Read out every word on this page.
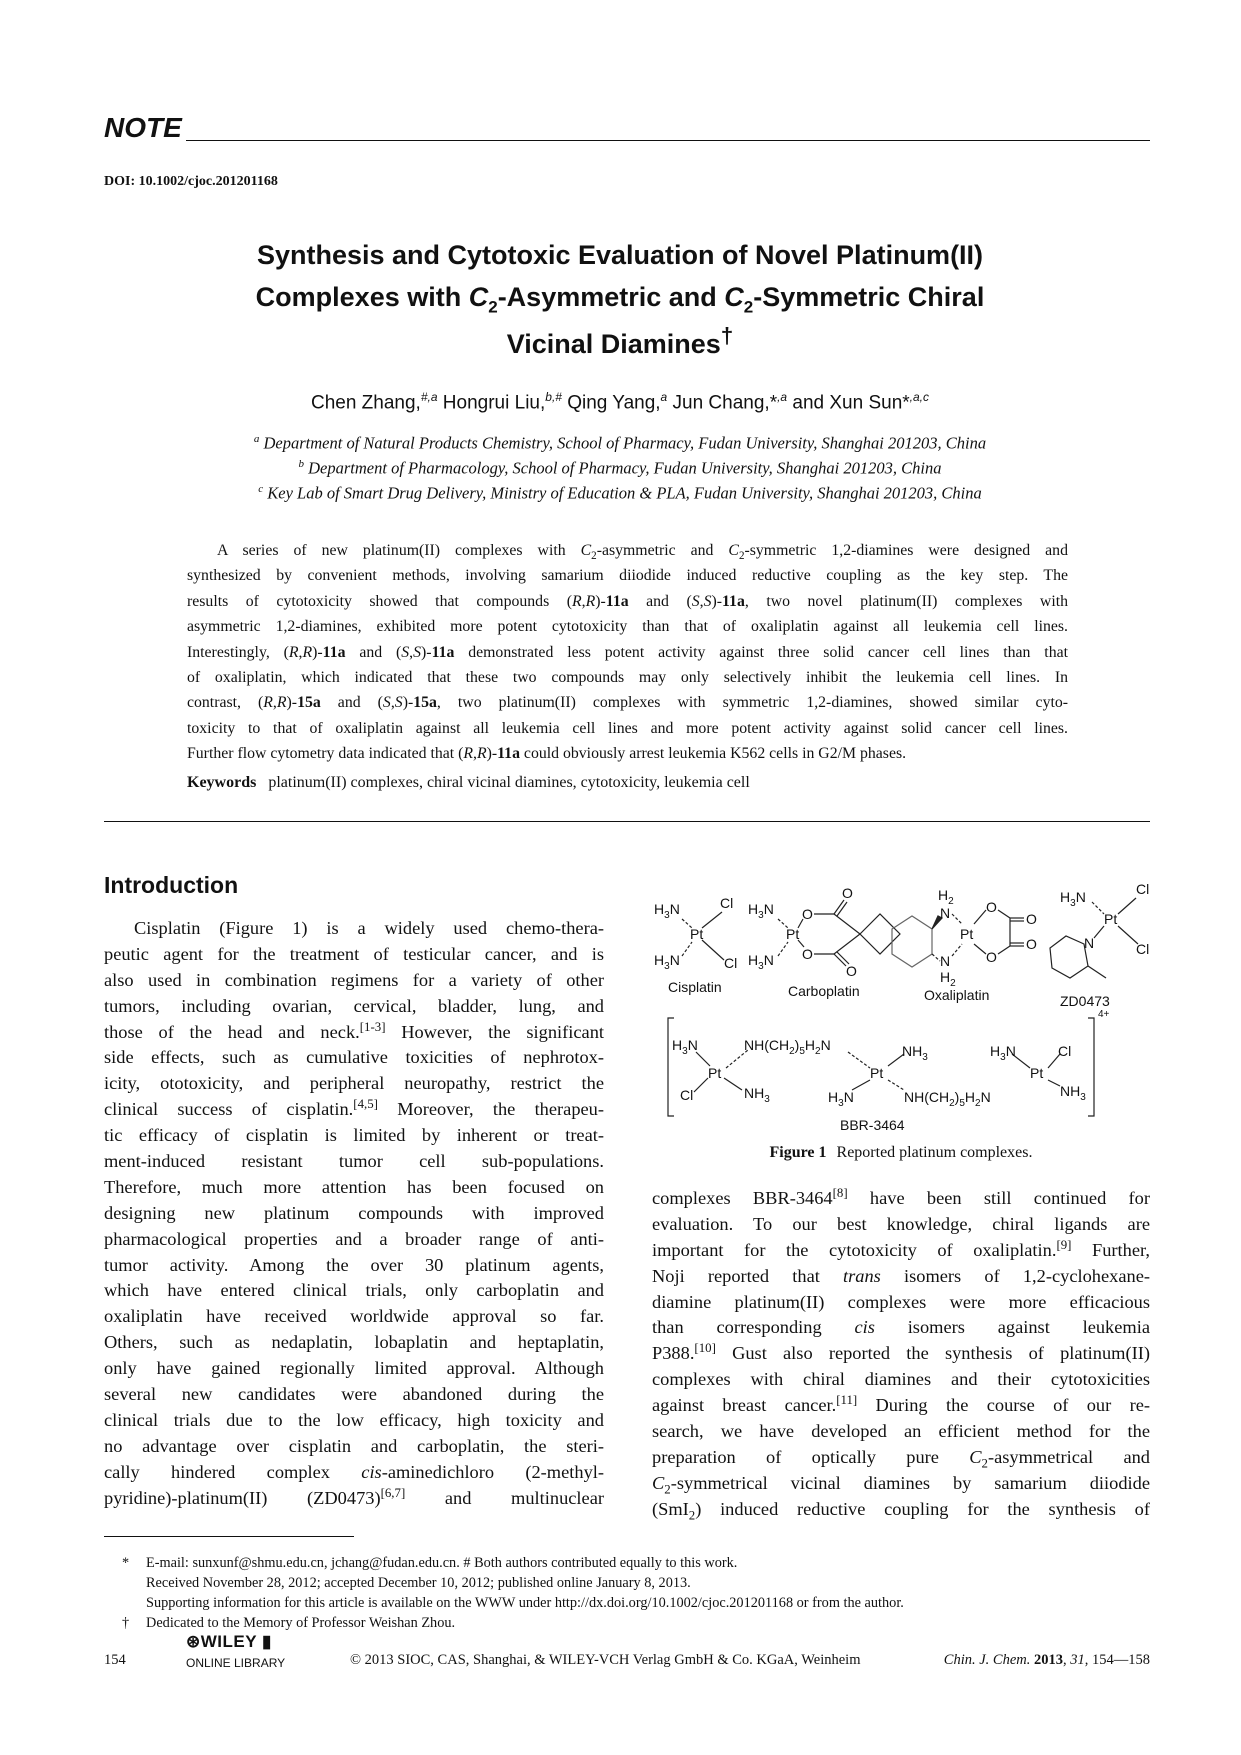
NOTE
DOI: 10.1002/cjoc.201201168
Synthesis and Cytotoxic Evaluation of Novel Platinum(II)
Complexes with $C_2$-Asymmetric and $C_2$-Symmetric Chiral
Vicinal Diamines†
Chen Zhang,$^{\#,a}$ Hongrui Liu,$^{b,\#}$ Qing Yang,$^a$ Jun Chang,*$^{,a}$ and Xun Sun*$^{,a,c}$
$^a$ Department of Natural Products Chemistry, School of Pharmacy, Fudan University, Shanghai 201203, China
$^b$ Department of Pharmacology, School of Pharmacy, Fudan University, Shanghai 201203, China
$^c$ Key Lab of Smart Drug Delivery, Ministry of Education & PLA, Fudan University, Shanghai 201203, China
A series of new platinum(II) complexes with $C_2$-asymmetric and $C_2$-symmetric 1,2-diamines were designed and
synthesized by convenient methods, involving samarium diiodide induced reductive coupling as the key step. The
results of cytotoxicity showed that compounds (R,R)-11a and (S,S)-11a, two novel platinum(II) complexes with
asymmetric 1,2-diamines, exhibited more potent cytotoxicity than that of oxaliplatin against all leukemia cell lines.
Interestingly, (R,R)-11a and (S,S)-11a demonstrated less potent activity against three solid cancer cell lines than that
of oxaliplatin, which indicated that these two compounds may only selectively inhibit the leukemia cell lines. In
contrast, (R,R)-15a and (S,S)-15a, two platinum(II) complexes with symmetric 1,2-diamines, showed similar cyto-
toxicity to that of oxaliplatin against all leukemia cell lines and more potent activity against solid cancer cell lines.
Further flow cytometry data indicated that (R,R)-11a could obviously arrest leukemia K562 cells in G2/M phases.
Keywords platinum(II) complexes, chiral vicinal diamines, cytotoxicity, leukemia cell
Introduction
Cisplatin (Figure 1) is a widely used chemo-thera-
peutic agent for the treatment of testicular cancer, and is
also used in combination regimens for a variety of other
tumors, including ovarian, cervical, bladder, lung, and
those of the head and neck.[1-3] However, the significant
side effects, such as cumulative toxicities of nephrotox-
icity, ototoxicity, and peripheral neuropathy, restrict the
clinical success of cisplatin.[4,5] Moreover, the therapeu-
tic efficacy of cisplatin is limited by inherent or treat-
ment-induced resistant tumor cell sub-populations.
Therefore, much more attention has been focused on
designing new platinum compounds with improved
pharmacological properties and a broader range of anti-
tumor activity. Among the over 30 platinum agents,
which have entered clinical trials, only carboplatin and
oxaliplatin have received worldwide approval so far.
Others, such as nedaplatin, lobaplatin and heptaplatin,
only have gained regionally limited approval. Although
several new candidates were abandoned during the
clinical trials due to the low efficacy, high toxicity and
no advantage over cisplatin and carboplatin, the steri-
cally hindered complex cis-aminedichloro (2-methyl-
pyridine)-platinum(II) (ZD0473)[6,7] and multinuclear
complexes BBR-3464[8] have been still continued for
evaluation. To our best knowledge, chiral ligands are
important for the cytotoxicity of oxaliplatin.[9] Further,
Noji reported that trans isomers of 1,2-cyclohexane-
diamine platinum(II) complexes were more efficacious
than corresponding cis isomers against leukemia
P388.[10] Gust also reported the synthesis of platinum(II)
complexes with chiral diamines and their cytotoxicities
against breast cancer.[11] During the course of our re-
search, we have developed an efficient method for the
preparation of optically pure $C_2$-asymmetrical and
$C_2$-symmetrical vicinal diamines by samarium diiodide
(SmI$_2$) induced reductive coupling for the synthesis of
$H_3N$	Cl
Pt
$H_3N$	Cl
Cisplatin
$H_3N$
Pt
$H_3N$
O
O
O
O
Carboplatin
$H_2$
N
Pt
O
O
O
O
N
$H_2$
Oxaliplatin
$H_3N$	Cl
Pt
N	Cl
ZD0473
4+
$H_3N$	$NH(CH_2)_5H_2N$
Pt
Cl	$NH_3$
$NH_3$
Pt
$H_3N$	$NH(CH_2)_5H_2N$
$H_3N$	Cl
Pt
$NH_3$
BBR-3464
Figure 1 Reported platinum complexes.
* E-mail: sunxunf@shmu.edu.cn, jchang@fudan.edu.cn. # Both authors contributed equally to this work.
Received November 28, 2012; accepted December 10, 2012; published online January 8, 2013.
Supporting information for this article is available on the WWW under http://dx.doi.org/10.1002/cjoc.201201168 or from the author.
† Dedicated to the Memory of Professor Weishan Zhou.
154
⊛WILEY ▮
ONLINE LIBRARY	© 2013 SIOC, CAS, Shanghai, & WILEY-VCH Verlag GmbH & Co. KGaA, Weinheim	Chin. J. Chem. 2013, 31, 154—158
